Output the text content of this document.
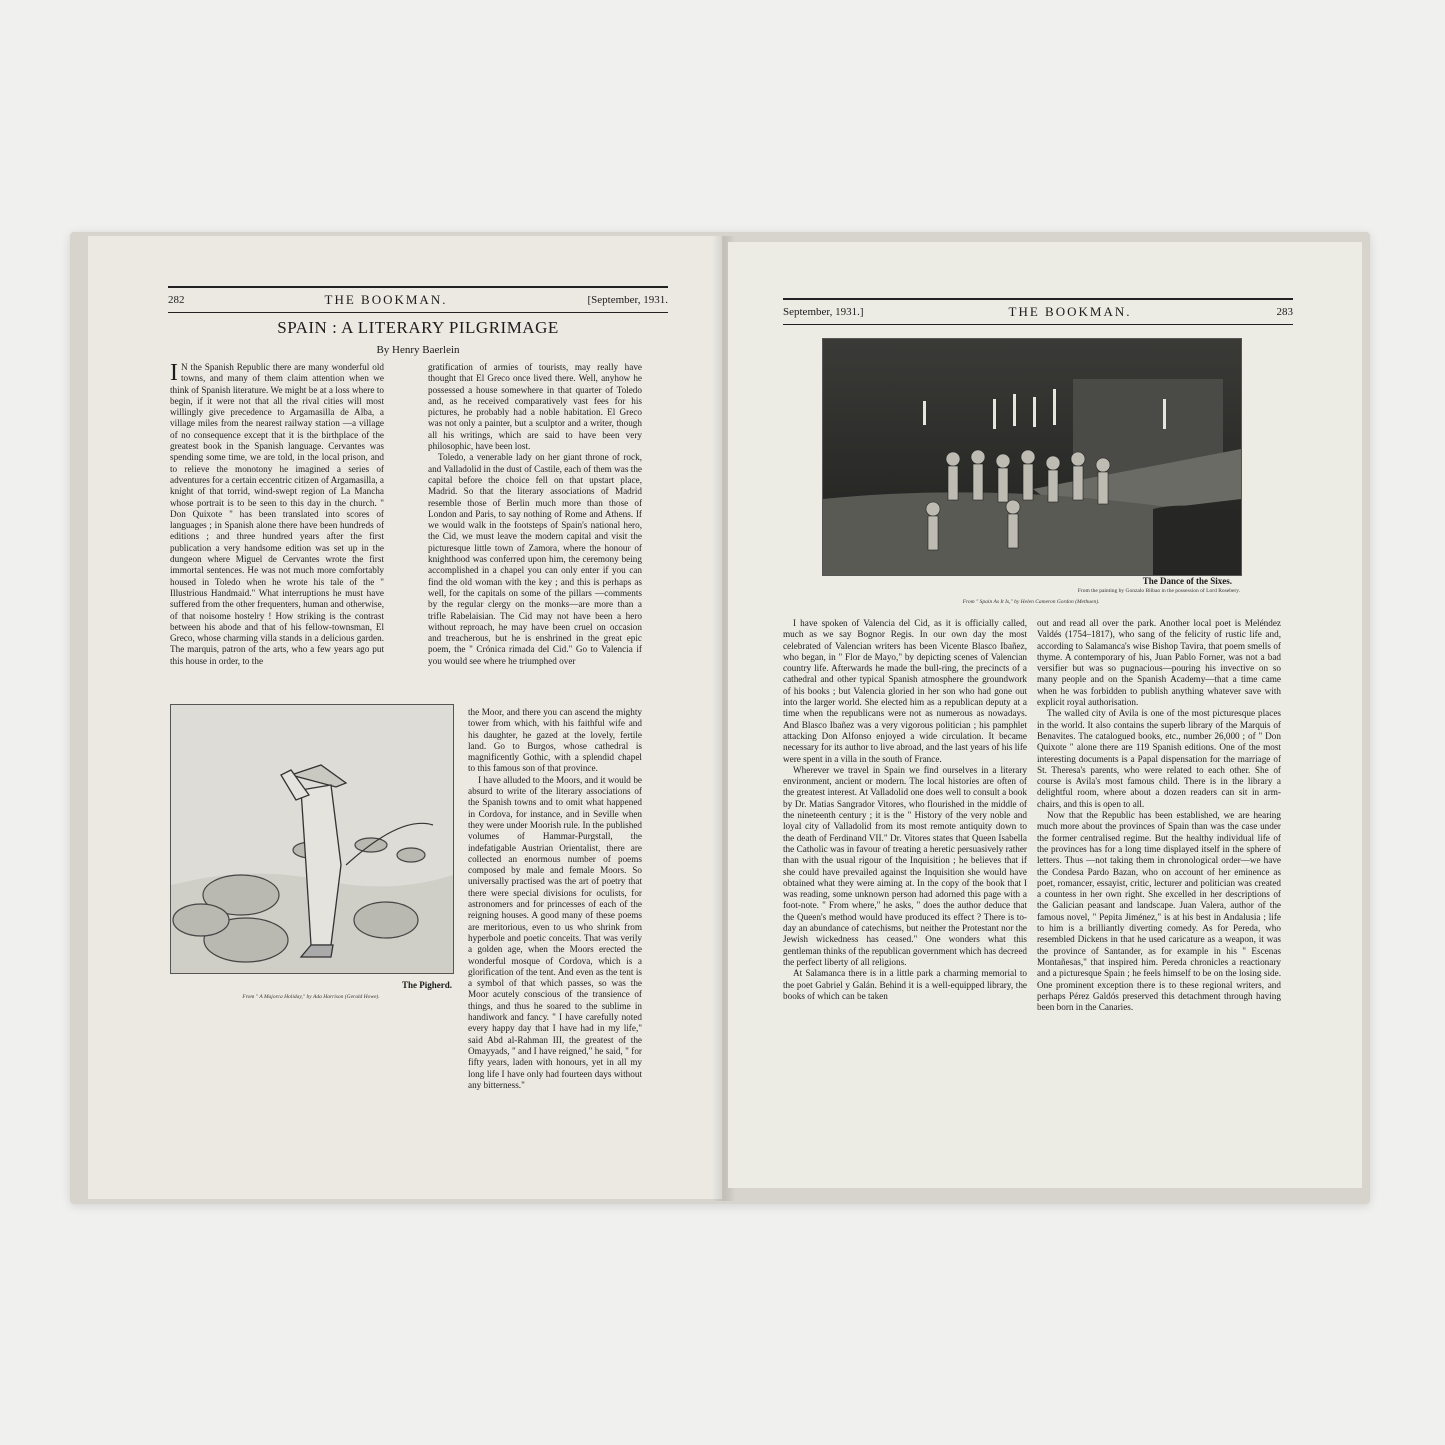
282	THE BOOKMAN.	[September, 1931.
SPAIN : A LITERARY PILGRIMAGE
By Henry Baerlein

I N the Spanish Republic there are many wonderful old towns, and many of them claim attention when we think of Spanish literature. We might be at a loss where to begin, if it were not that all the rival cities will most willingly give precedence to Argamasilla de Alba, a village miles from the nearest railway station —a village of no consequence except that it is the birthplace of the greatest book in the Spanish language. Cervantes was spending some time, we are told, in the local prison, and to relieve the monotony he imagined a series of adventures for a certain eccentric citizen of Argamasilla, a knight of that torrid, wind-swept region of La Mancha whose portrait is to be seen to this day in the church. " Don Quixote " has been translated into scores of languages ; in Spanish alone there have been hundreds of editions ; and three hundred years after the first publication a very handsome edition was set up in the dungeon where Miguel de Cervantes wrote the first immortal sentences. He was not much more comfortably housed in Toledo when he wrote his tale of the " Illustrious Handmaid." What interruptions he must have suffered from the other frequenters, human and otherwise, of that noisome hostelry ! How striking is the contrast between his abode and that of his fellow-townsman, El Greco, whose charming villa stands in a delicious garden. The marquis, patron of the arts, who a few years ago put this house in order, to the

gratification of armies of tourists, may really have thought that El Greco once lived there. Well, anyhow he possessed a house somewhere in that quarter of Toledo and, as he received comparatively vast fees for his pictures, he probably had a noble habitation. El Greco was not only a painter, but a sculptor and a writer, though all his writings, which are said to have been very philosophic, have been lost.

Toledo, a venerable lady on her giant throne of rock, and Valladolid in the dust of Castile, each of them was the capital before the choice fell on that upstart place, Madrid. So that the literary associations of Madrid resemble those of Berlin much more than those of London and Paris, to say nothing of Rome and Athens. If we would walk in the footsteps of Spain's national hero, the Cid, we must leave the modern capital and visit the picturesque little town of Zamora, where the honour of knighthood was conferred upon him, the ceremony being accomplished in a chapel you can only enter if you can find the old woman with the key ; and this is perhaps as well, for the capitals on some of the pillars —comments by the regular clergy on the monks—are more than a trifle Rabelaisian. The Cid may not have been a hero without reproach, he may have been cruel on occasion and treacherous, but he is enshrined in the great epic poem, the " Crónica rimada del Cid." Go to Valencia if you would see where he triumphed over

the Moor, and there you can ascend the mighty tower from which, with his faithful wife and his daughter, he gazed at the lovely, fertile land. Go to Burgos, whose cathedral is magnificently Gothic, with a splendid chapel to this famous son of that province.

I have alluded to the Moors, and it would be absurd to write of the literary associations of the Spanish towns and to omit what happened in Cordova, for instance, and in Seville when they were under Moorish rule. In the published volumes of Hammar-Purgstall, the indefatigable Austrian Orientalist, there are collected an enormous number of poems composed by male and female Moors. So universally practised was the art of poetry that there were special divisions for oculists, for astronomers and for princesses of each of the reigning houses. A good many of these poems are meritorious, even to us who shrink from hyperbole and poetic conceits. That was verily a golden age, when the Moors erected the wonderful mosque of Cordova, which is a glorification of the tent. And even as the tent is a symbol of that which passes, so was the Moor acutely conscious of the transience of things, and thus he soared to the sublime in handiwork and fancy. " I have carefully noted every happy day that I have had in my life," said Abd al-Rahman III, the greatest of the Omayyads, " and I have reigned," he said, " for fifty years, laden with honours, yet in all my long life I have only had fourteen days without any bitterness."

The Pigherd.
From " A Majorca Holiday," by Ada Harrison (Gerald Howe).
September, 1931.]	THE BOOKMAN.	283
The Dance of the Sixes.
From the painting by Gonzalo Bilbao in the possession of Lord Rosebery.
From " Spain As It Is," by Helen Cameron Gordon (Methuen).

I have spoken of Valencia del Cid, as it is officially called, much as we say Bognor Regis. In our own day the most celebrated of Valencian writers has been Vicente Blasco Ibañez, who began, in " Flor de Mayo," by depicting scenes of Valencian country life. Afterwards he made the bull-ring, the precincts of a cathedral and other typical Spanish atmosphere the groundwork of his books ; but Valencia gloried in her son who had gone out into the larger world. She elected him as a republican deputy at a time when the republicans were not as numerous as nowadays. And Blasco Ibañez was a very vigorous politician ; his pamphlet attacking Don Alfonso enjoyed a wide circulation. It became necessary for its author to live abroad, and the last years of his life were spent in a villa in the south of France.

Wherever we travel in Spain we find ourselves in a literary environment, ancient or modern. The local histories are often of the greatest interest. At Valladolid one does well to consult a book by Dr. Matias Sangrador Vitores, who flourished in the middle of the nineteenth century ; it is the " History of the very noble and loyal city of Valladolid from its most remote antiquity down to the death of Ferdinand VII." Dr. Vitores states that Queen Isabella the Catholic was in favour of treating a heretic persuasively rather than with the usual rigour of the Inquisition ; he believes that if she could have prevailed against the Inquisition she would have obtained what they were aiming at. In the copy of the book that I was reading, some unknown person had adorned this page with a foot-note. " From where," he asks, " does the author deduce that the Queen's method would have produced its effect ? There is to-day an abundance of catechisms, but neither the Protestant nor the Jewish wickedness has ceased." One wonders what this gentleman thinks of the republican government which has decreed the perfect liberty of all religions.

At Salamanca there is in a little park a charming memorial to the poet Gabriel y Galán. Behind it is a well-equipped library, the books of which can be taken

out and read all over the park. Another local poet is Meléndez Valdés (1754–1817), who sang of the felicity of rustic life and, according to Salamanca's wise Bishop Tavira, that poem smells of thyme. A contemporary of his, Juan Pablo Forner, was not a bad versifier but was so pugnacious—pouring his invective on so many people and on the Spanish Academy—that a time came when he was forbidden to publish anything whatever save with explicit royal authorisation.

The walled city of Avila is one of the most picturesque places in the world. It also contains the superb library of the Marquis of Benavites. The catalogued books, etc., number 26,000 ; of " Don Quixote " alone there are 119 Spanish editions. One of the most interesting documents is a Papal dispensation for the marriage of St. Theresa's parents, who were related to each other. She of course is Avila's most famous child. There is in the library a delightful room, where about a dozen readers can sit in arm-chairs, and this is open to all.

Now that the Republic has been established, we are hearing much more about the provinces of Spain than was the case under the former centralised regime. But the healthy individual life of the provinces has for a long time displayed itself in the sphere of letters. Thus —not taking them in chronological order—we have the Condesa Pardo Bazan, who on account of her eminence as poet, romancer, essayist, critic, lecturer and politician was created a countess in her own right. She excelled in her descriptions of the Galician peasant and landscape. Juan Valera, author of the famous novel, " Pepita Jiménez," is at his best in Andalusia ; life to him is a brilliantly diverting comedy. As for Pereda, who resembled Dickens in that he used caricature as a weapon, it was the province of Santander, as for example in his " Escenas Montañesas," that inspired him. Pereda chronicles a reactionary and a picturesque Spain ; he feels himself to be on the losing side. One prominent exception there is to these regional writers, and perhaps Pérez Galdós preserved this detachment through having been born in the Canaries.
